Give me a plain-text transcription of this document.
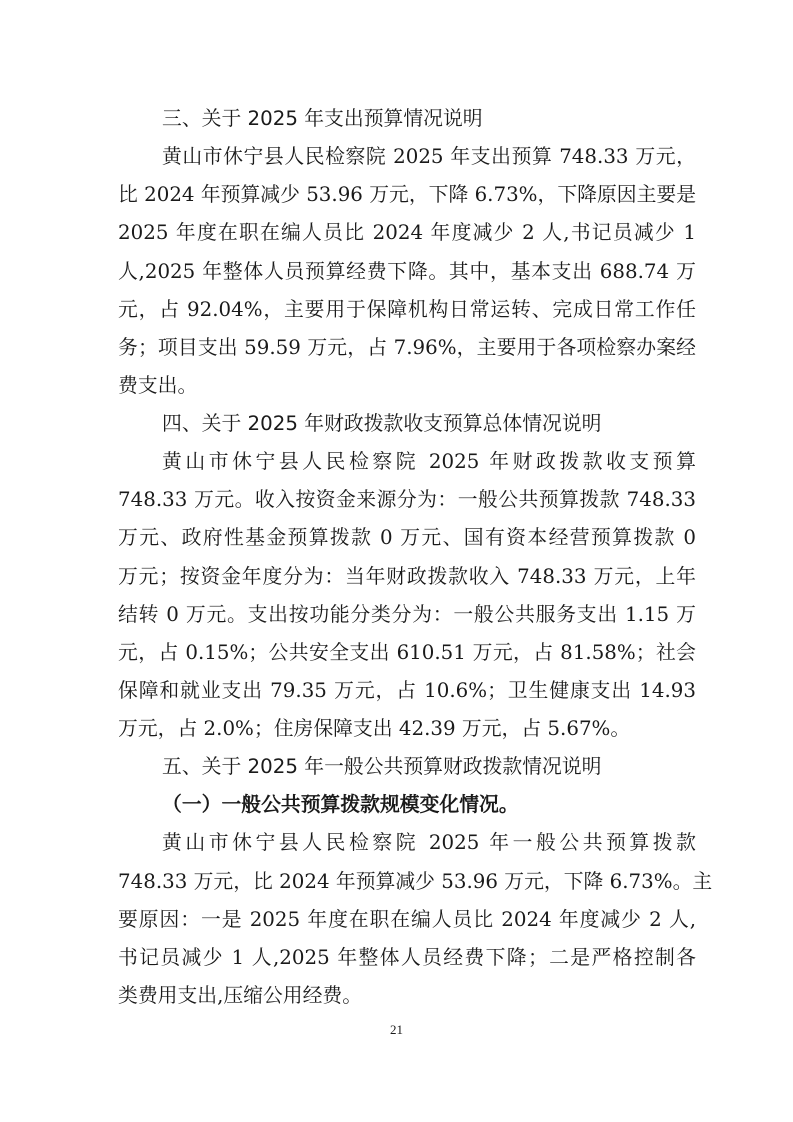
三、关于 2025 年支出预算情况说明
黄山市休宁县人民检察院 2025 年支出预算 748.33 万元，
比 2024 年预算减少 53.96 万元，下降 6.73%，下降原因主要是
2025 年度在职在编人员比 2024 年度减少 2 人,书记员减少 1
人,2025 年整体人员预算经费下降。其中，基本支出 688.74 万
元，占 92.04%，主要用于保障机构日常运转、完成日常工作任
务；项目支出 59.59 万元，占 7.96%，主要用于各项检察办案经
费支出。
四、关于 2025 年财政拨款收支预算总体情况说明
黄山市休宁县人民检察院 2025 年财政拨款收支预算
748.33 万元。收入按资金来源分为：一般公共预算拨款 748.33
万元、政府性基金预算拨款 0 万元、国有资本经营预算拨款 0
万元；按资金年度分为：当年财政拨款收入 748.33 万元，上年
结转 0 万元。支出按功能分类分为：一般公共服务支出 1.15 万
元，占 0.15%；公共安全支出 610.51 万元，占 81.58%；社会
保障和就业支出 79.35 万元，占 10.6%；卫生健康支出 14.93
万元，占 2.0%；住房保障支出 42.39 万元，占 5.67%。
五、关于 2025 年一般公共预算财政拨款情况说明
（一）一般公共预算拨款规模变化情况。
黄山市休宁县人民检察院 2025 年一般公共预算拨款
748.33 万元，比 2024 年预算减少 53.96 万元，下降 6.73%。主
要原因：一是 2025 年度在职在编人员比 2024 年度减少 2 人,
书记员减少 1 人,2025 年整体人员经费下降；二是严格控制各
类费用支出,压缩公用经费。
21
